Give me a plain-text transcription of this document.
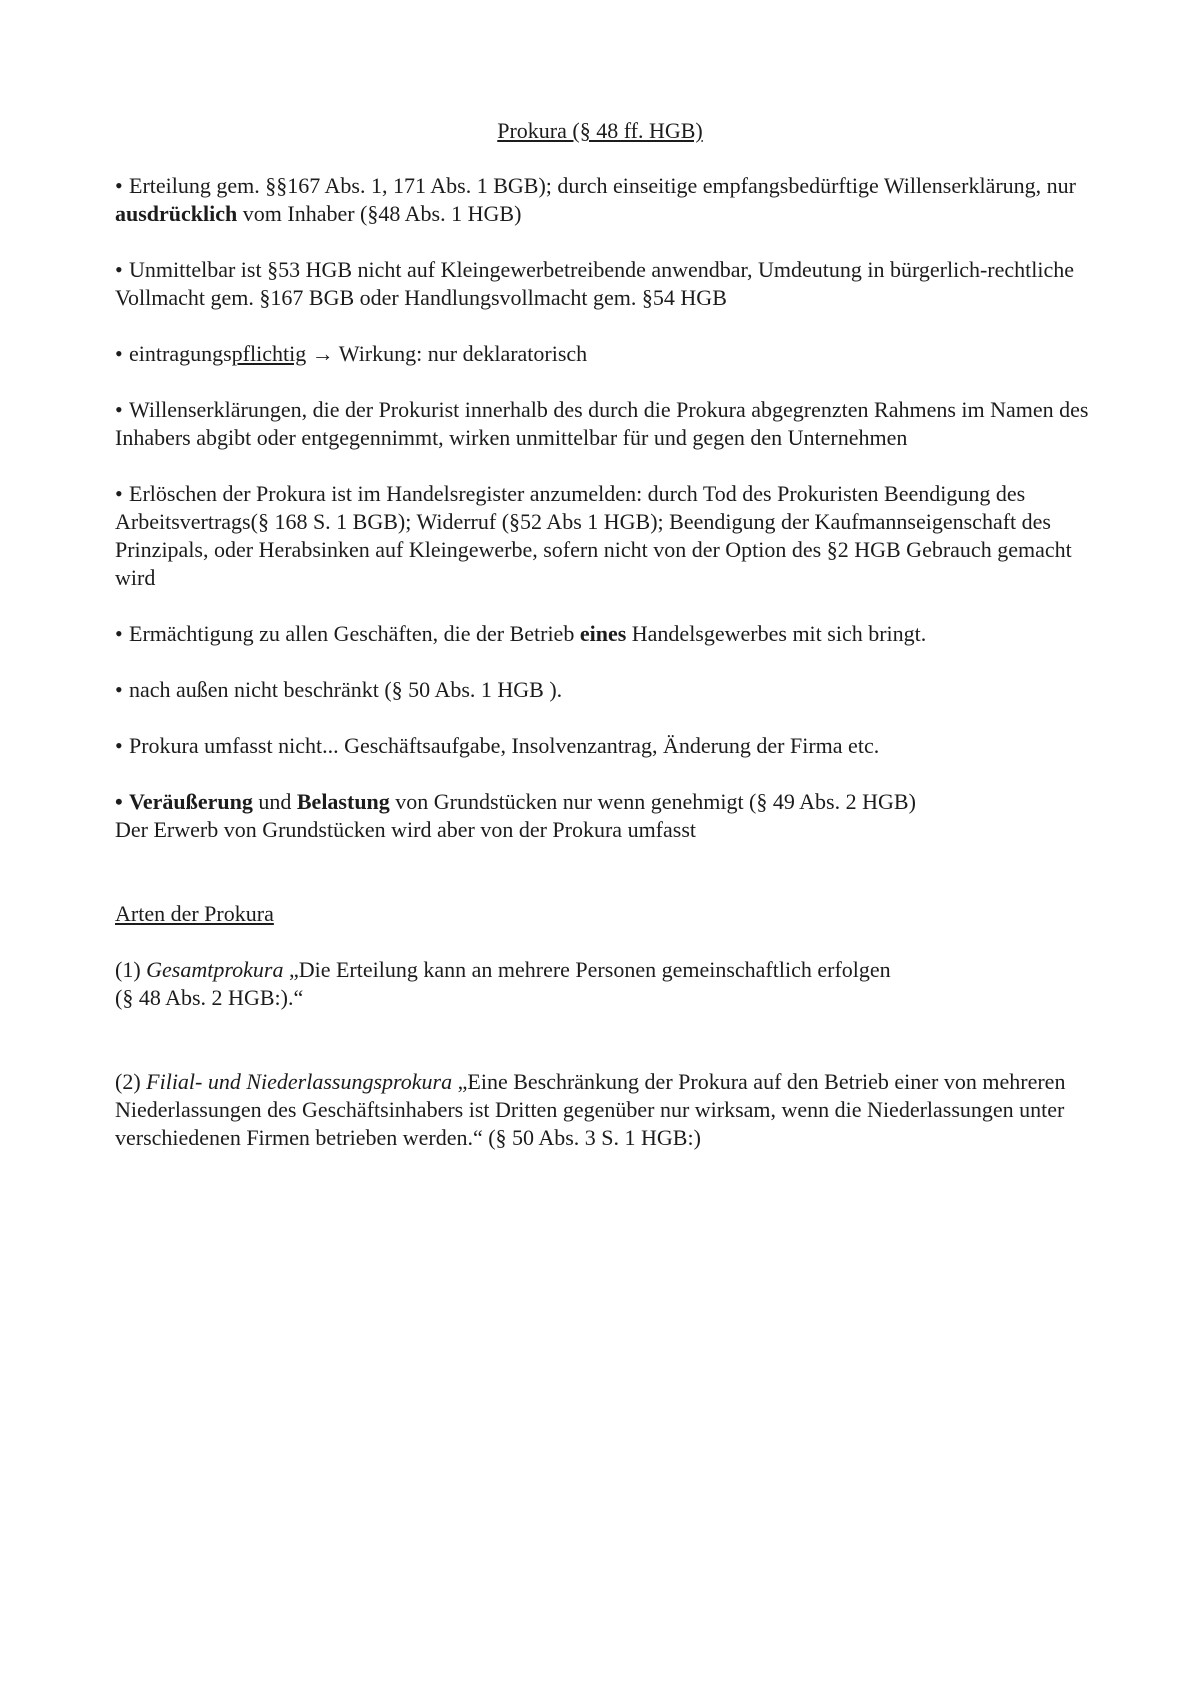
Prokura (§ 48 ff. HGB)

• Erteilung gem. §§167 Abs. 1, 171 Abs. 1 BGB); durch einseitige empfangsbedürftige Willenserklärung, nur ausdrücklich vom Inhaber (§48 Abs. 1 HGB)

• Unmittelbar ist §53 HGB nicht auf Kleingewerbetreibende anwendbar, Umdeutung in bürgerlich-rechtliche Vollmacht gem. §167 BGB oder Handlungsvollmacht gem. §54 HGB

• eintragungspflichtig → Wirkung: nur deklaratorisch

• Willenserklärungen, die der Prokurist innerhalb des durch die Prokura abgegrenzten Rahmens im Namen des Inhabers abgibt oder entgegennimmt, wirken unmittelbar für und gegen den Unternehmen

• Erlöschen der Prokura ist im Handelsregister anzumelden: durch Tod des Prokuristen Beendigung des Arbeitsvertrags(§ 168 S. 1 BGB); Widerruf (§52 Abs 1 HGB); Beendigung der Kaufmannseigenschaft des Prinzipals, oder Herabsinken auf Kleingewerbe, sofern nicht von der Option des §2 HGB Gebrauch gemacht wird

• Ermächtigung zu allen Geschäften, die der Betrieb eines Handelsgewerbes mit sich bringt.

• nach außen nicht beschränkt (§ 50 Abs. 1 HGB ).

• Prokura umfasst nicht... Geschäftsaufgabe, Insolvenzantrag, Änderung der Firma etc.

• Veräußerung und Belastung von Grundstücken nur wenn genehmigt (§ 49 Abs. 2 HGB)
Der Erwerb von Grundstücken wird aber von der Prokura umfasst

Arten der Prokura

(1) Gesamtprokura „Die Erteilung kann an mehrere Personen gemeinschaftlich erfolgen
(§ 48 Abs. 2 HGB:).“

(2) Filial- und Niederlassungsprokura „Eine Beschränkung der Prokura auf den Betrieb einer von mehreren Niederlassungen des Geschäftsinhabers ist Dritten gegenüber nur wirksam, wenn die Niederlassungen unter verschiedenen Firmen betrieben werden.“ (§ 50 Abs. 3 S. 1 HGB:)
